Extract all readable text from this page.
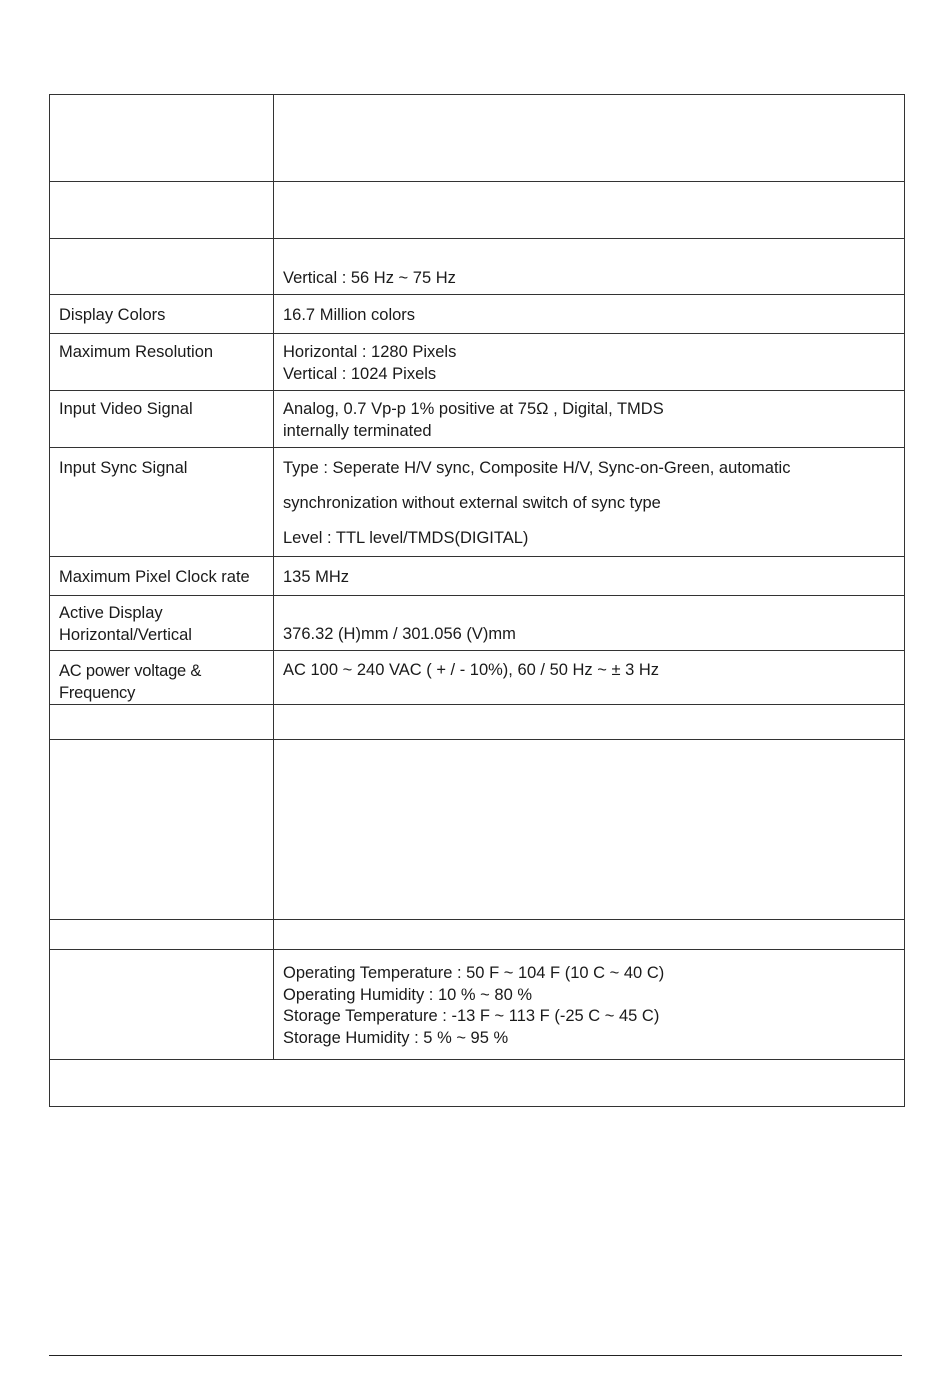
	Vertical : 56 Hz ~ 75 Hz

Display Colors	16.7 Million colors
Maximum Resolution	Horizontal : 1280 Pixels
Vertical : 1024 Pixels

Input Video Signal	Analog, 0.7 Vp-p 1% positive at 75Ω , Digital, TMDS
internally terminated

Input Sync Signal	Type : Seperate H/V sync, Composite H/V, Sync-on-Green, automatic
synchronization without external switch of sync type
Level : TTL level/TMDS(DIGITAL)

Maximum Pixel Clock rate	135 MHz

Active Display
Horizontal/Vertical	376.32 (H)mm / 301.056 (V)mm
AC power voltage & Frequency	AC 100 ~ 240 VAC ( + / - 10%), 60 / 50 Hz ~ ± 3 Hz

	Operating Temperature : 50 F ~ 104 F (10 C ~ 40 C)
Operating Humidity : 10 % ~ 80 %
Storage Temperature : -13 F ~ 113 F (-25 C ~ 45 C)
Storage Humidity : 5 % ~ 95 %
